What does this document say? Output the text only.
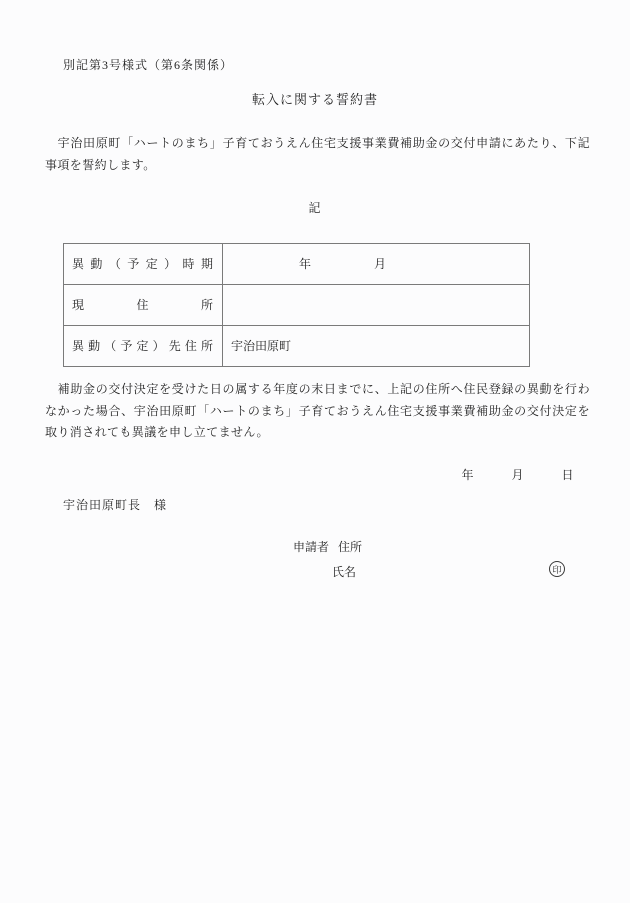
別記第3号様式（第6条関係）
転入に関する誓約書
　宇治田原町「ハートのまち」子育ておうえん住宅支援事業費補助金の交付申請にあたり、下記事項を誓約します。
記
異動（予定）時期	年	月
現住所
異動（予定）先住所	宇治田原町
　補助金の交付決定を受けた日の属する年度の末日までに、上記の住所へ住民登録の異動を行わなかった場合、宇治田原町「ハートのまち」子育ておうえん住宅支援事業費補助金の交付決定を取り消されても異議を申し立てません。
年　　　月　　　日
宇治田原町長　様
申請者 住所
氏名	印
